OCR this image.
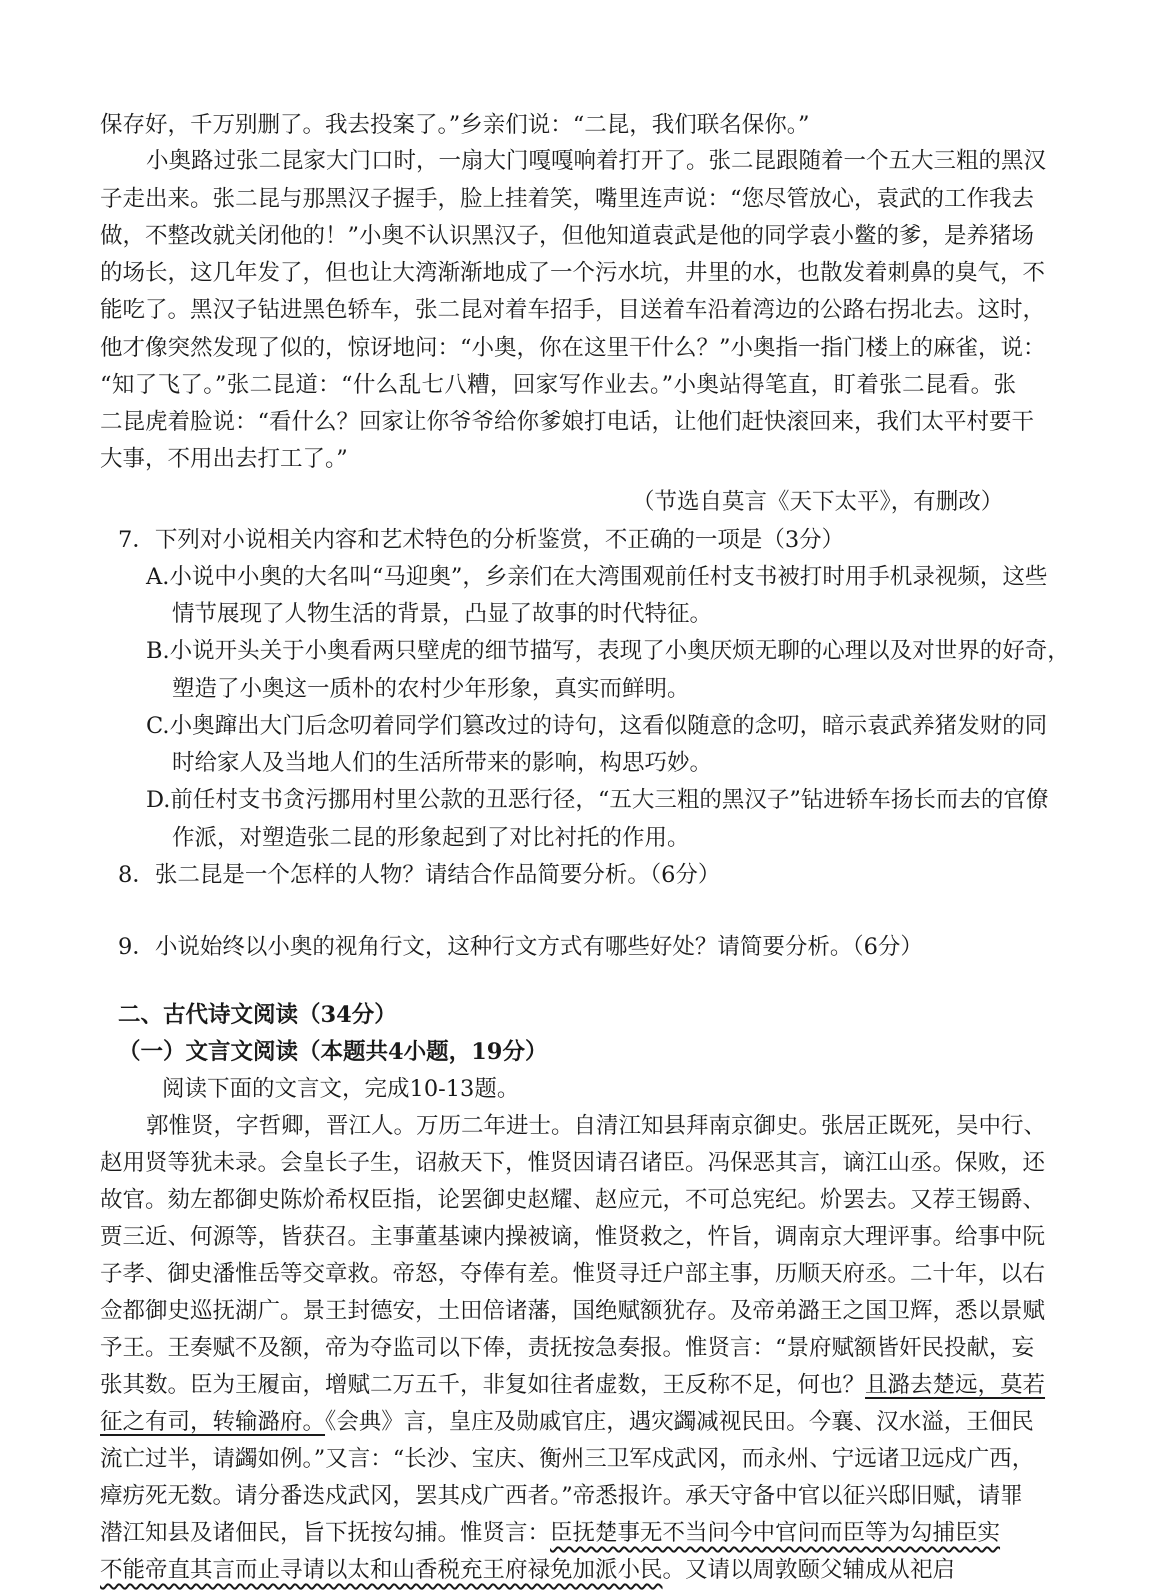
保存好，千万别删了。我去投案了。”乡亲们说：“二昆，我们联名保你。”
小奥路过张二昆家大门口时，一扇大门嘎嘎响着打开了。张二昆跟随着一个五大三粗的黑汉
子走出来。张二昆与那黑汉子握手，脸上挂着笑，嘴里连声说：“您尽管放心，袁武的工作我去
做，不整改就关闭他的！”小奥不认识黑汉子，但他知道袁武是他的同学袁小鳖的爹，是养猪场
的场长，这几年发了，但也让大湾渐渐地成了一个污水坑，井里的水，也散发着刺鼻的臭气，不
能吃了。黑汉子钻进黑色轿车，张二昆对着车招手，目送着车沿着湾边的公路右拐北去。这时，
他才像突然发现了似的，惊讶地问：“小奥，你在这里干什么？”小奥指一指门楼上的麻雀，说：
“知了飞了。”张二昆道：“什么乱七八糟，回家写作业去。”小奥站得笔直，盯着张二昆看。张
二昆虎着脸说：“看什么？回家让你爷爷给你爹娘打电话，让他们赶快滚回来，我们太平村要干
大事，不用出去打工了。”
（节选自莫言《天下太平》，有删改）
7．下列对小说相关内容和艺术特色的分析鉴赏，不正确的一项是（3分）
A.小说中小奥的大名叫“马迎奥”，乡亲们在大湾围观前任村支书被打时用手机录视频，这些
情节展现了人物生活的背景，凸显了故事的时代特征。
B.小说开头关于小奥看两只壁虎的细节描写，表现了小奥厌烦无聊的心理以及对世界的好奇，
塑造了小奥这一质朴的农村少年形象，真实而鲜明。
C.小奥蹿出大门后念叨着同学们篡改过的诗句，这看似随意的念叨，暗示袁武养猪发财的同
时给家人及当地人们的生活所带来的影响，构思巧妙。
D.前任村支书贪污挪用村里公款的丑恶行径，“五大三粗的黑汉子”钻进轿车扬长而去的官僚
作派，对塑造张二昆的形象起到了对比衬托的作用。
8．张二昆是一个怎样的人物？请结合作品简要分析。（6分）
9．小说始终以小奥的视角行文，这种行文方式有哪些好处？请简要分析。（6分）
二、古代诗文阅读（34分）
（一）文言文阅读（本题共4小题，19分）
阅读下面的文言文，完成10-13题。
郭惟贤，字哲卿，晋江人。万历二年进士。自清江知县拜南京御史。张居正既死，吴中行、
赵用贤等犹未录。会皇长子生，诏赦天下，惟贤因请召诸臣。冯保恶其言，谪江山丞。保败，还
故官。劾左都御史陈炌希权臣指，论罢御史赵耀、赵应元，不可总宪纪。炌罢去。又荐王锡爵、
贾三近、何源等，皆获召。主事董基谏内操被谪，惟贤救之，忤旨，调南京大理评事。给事中阮
子孝、御史潘惟岳等交章救。帝怒，夺俸有差。惟贤寻迁户部主事，历顺天府丞。二十年，以右
佥都御史巡抚湖广。景王封德安，土田倍诸藩，国绝赋额犹存。及帝弟潞王之国卫辉，悉以景赋
予王。王奏赋不及额，帝为夺监司以下俸，责抚按急奏报。惟贤言：“景府赋额皆奸民投献，妄
张其数。臣为王履亩，增赋二万五千，非复如往者虚数，王反称不足，何也？且潞去楚远，莫若
征之有司，转输潞府。《会典》言，皇庄及勋戚官庄，遇灾蠲减视民田。今襄、汉水溢，王佃民
流亡过半，请蠲如例。”又言：“长沙、宝庆、衡州三卫军戍武冈，而永州、宁远诸卫远戍广西，
瘴疠死无数。请分番迭戍武冈，罢其戍广西者。”帝悉报许。承天守备中官以征兴邸旧赋，请罪
潜江知县及诸佃民，旨下抚按勾捕。惟贤言：臣抚楚事无不当问今中官问而臣等为勾捕臣实
不能帝直其言而止寻请以太和山香税充王府禄免加派小民。又请以周敦颐父辅成从祀启
